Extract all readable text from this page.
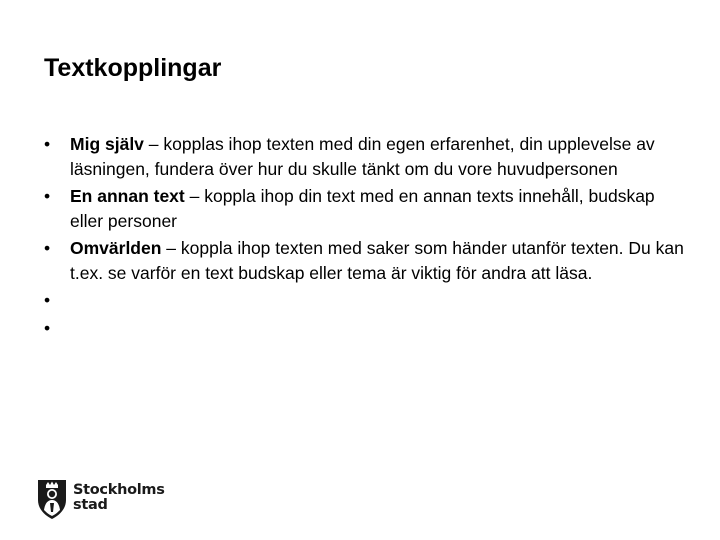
Textkopplingar
•	Mig själv – kopplas ihop texten med din egen erfarenhet, din upplevelse av läsningen, fundera över hur du skulle tänkt om du vore huvudpersonen
•	En annan text – koppla ihop din text med en annan texts innehåll, budskap eller personer
•	Omvärlden – koppla ihop texten med saker som händer utanför texten. Du kan t.ex. se varför en text budskap eller tema är viktig för andra att läsa.
•
•
Stockholms
stad
